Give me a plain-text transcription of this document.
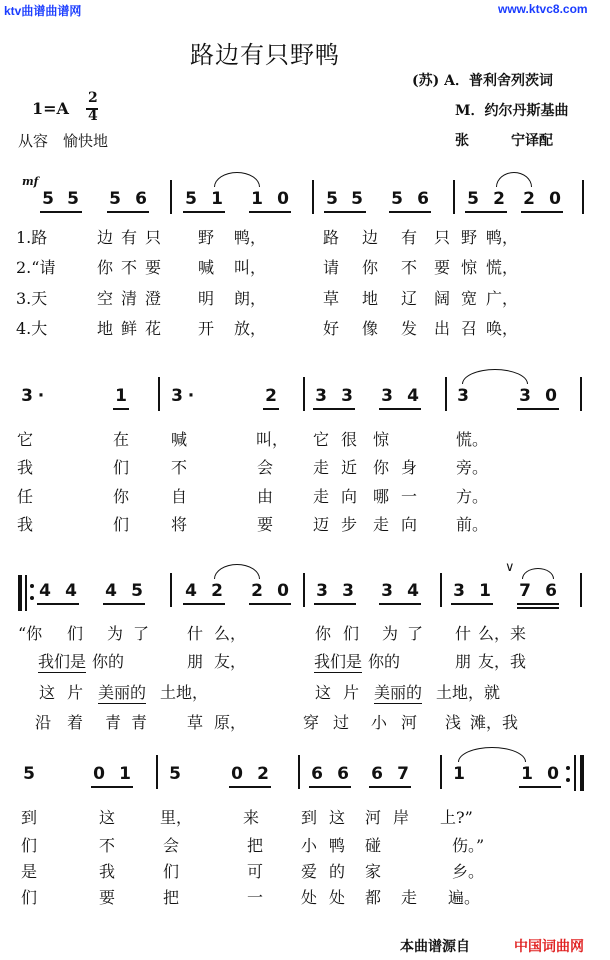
ktv曲谱曲谱网	www.ktvc8.com
路边有只野鸭
(苏) A．普利舍列茨词
M．约尔丹斯基曲
张　　　宁译配
1=A
2
4
从容　愉快地
mf
5 5 5 6 5 1 1 0 5 5 5 6 5 2 2 0
1.路	边 有 只 野 鸭，	路 边 有 只 野 鸭，
2.“请	你 不 要 喊 叫，	请 你 不 要 惊 慌，
3.天	空 清 澄 明 朗，	草 地 辽 阔 宽 广，
4.大	地 鲜 花 开 放，	好 像 发 出 召 唤，
3 ·	1	3 ·	2 3 3 3 4 3	3 0
它	在	喊	叫， 它 很 惊	慌。
我	们	不	会 走 近 你 身 旁。
任	你	自	由 走 向 哪 一 方。
我	们	将	要 迈 步 走 向 前。
4 4 4 5 4 2 2 0 3 3 3 4 3 1 7 6
∨
“你 们 为 了 什 么，	你 们 为 了 什 么，来
我们是 你的	朋 友，	我们是 你的	朋 友，我
这 片 美丽的 土地，	这 片 美丽的 土地，就
沿 着 青 青 草 原，	穿 过 小 河 浅 滩，我
5	0 1 5	0 2 6 6 6 7	1	1 0
到	这	里，	来	到 这 河 岸 上?”
们	不	会	把 小 鸭 碰	伤。”
是	我	们	可 爱 的 家	乡。
们	要	把	一 处 处 都 走 遍。
本曲谱源自	中国词曲网
